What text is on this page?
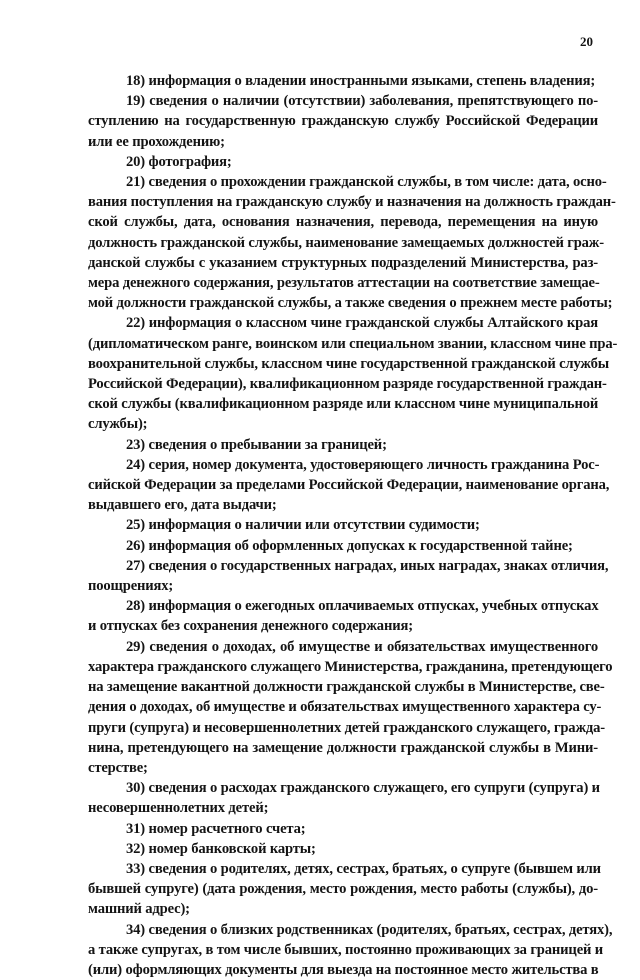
20

18) информация о владении иностранными языками, степень владения;

19) сведения о наличии (отсутствии) заболевания, препятствующего по-
ступлению на государственную гражданскую службу Российской Федерации
или ее прохождению;

20) фотография;

21) сведения о прохождении гражданской службы, в том числе: дата, осно-
вания поступления на гражданскую службу и назначения на должность граждан-
ской службы, дата, основания назначения, перевода, перемещения на иную
должность гражданской службы, наименование замещаемых должностей граж-
данской службы с указанием структурных подразделений Министерства, раз-
мера денежного содержания, результатов аттестации на соответствие замещае-
мой должности гражданской службы, а также сведения о прежнем месте работы;

22) информация о классном чине гражданской службы Алтайского края
(дипломатическом ранге, воинском или специальном звании, классном чине пра-
воохранительной службы, классном чине государственной гражданской службы
Российской Федерации), квалификационном разряде государственной граждан-
ской службы (квалификационном разряде или классном чине муниципальной
службы);

23) сведения о пребывании за границей;

24) серия, номер документа, удостоверяющего личность гражданина Рос-
сийской Федерации за пределами Российской Федерации, наименование органа,
выдавшего его, дата выдачи;

25) информация о наличии или отсутствии судимости;

26) информация об оформленных допусках к государственной тайне;

27) сведения о государственных наградах, иных наградах, знаках отличия,
поощрениях;

28) информация о ежегодных оплачиваемых отпусках, учебных отпусках
и отпусках без сохранения денежного содержания;

29) сведения о доходах, об имуществе и обязательствах имущественного
характера гражданского служащего Министерства, гражданина, претендующего
на замещение вакантной должности гражданской службы в Министерстве, све-
дения о доходах, об имуществе и обязательствах имущественного характера су-
пруги (супруга) и несовершеннолетних детей гражданского служащего, гражда-
нина, претендующего на замещение должности гражданской службы в Мини-
стерстве;

30) сведения о расходах гражданского служащего, его супруги (супруга) и
несовершеннолетних детей;

31) номер расчетного счета;

32) номер банковской карты;

33) сведения о родителях, детях, сестрах, братьях, о супруге (бывшем или
бывшей супруге) (дата рождения, место рождения, место работы (службы), до-
машний адрес);

34) сведения о близких родственниках (родителях, братьях, сестрах, детях),
а также супругах, в том числе бывших, постоянно проживающих за границей и
(или) оформляющих документы для выезда на постоянное место жительства в
